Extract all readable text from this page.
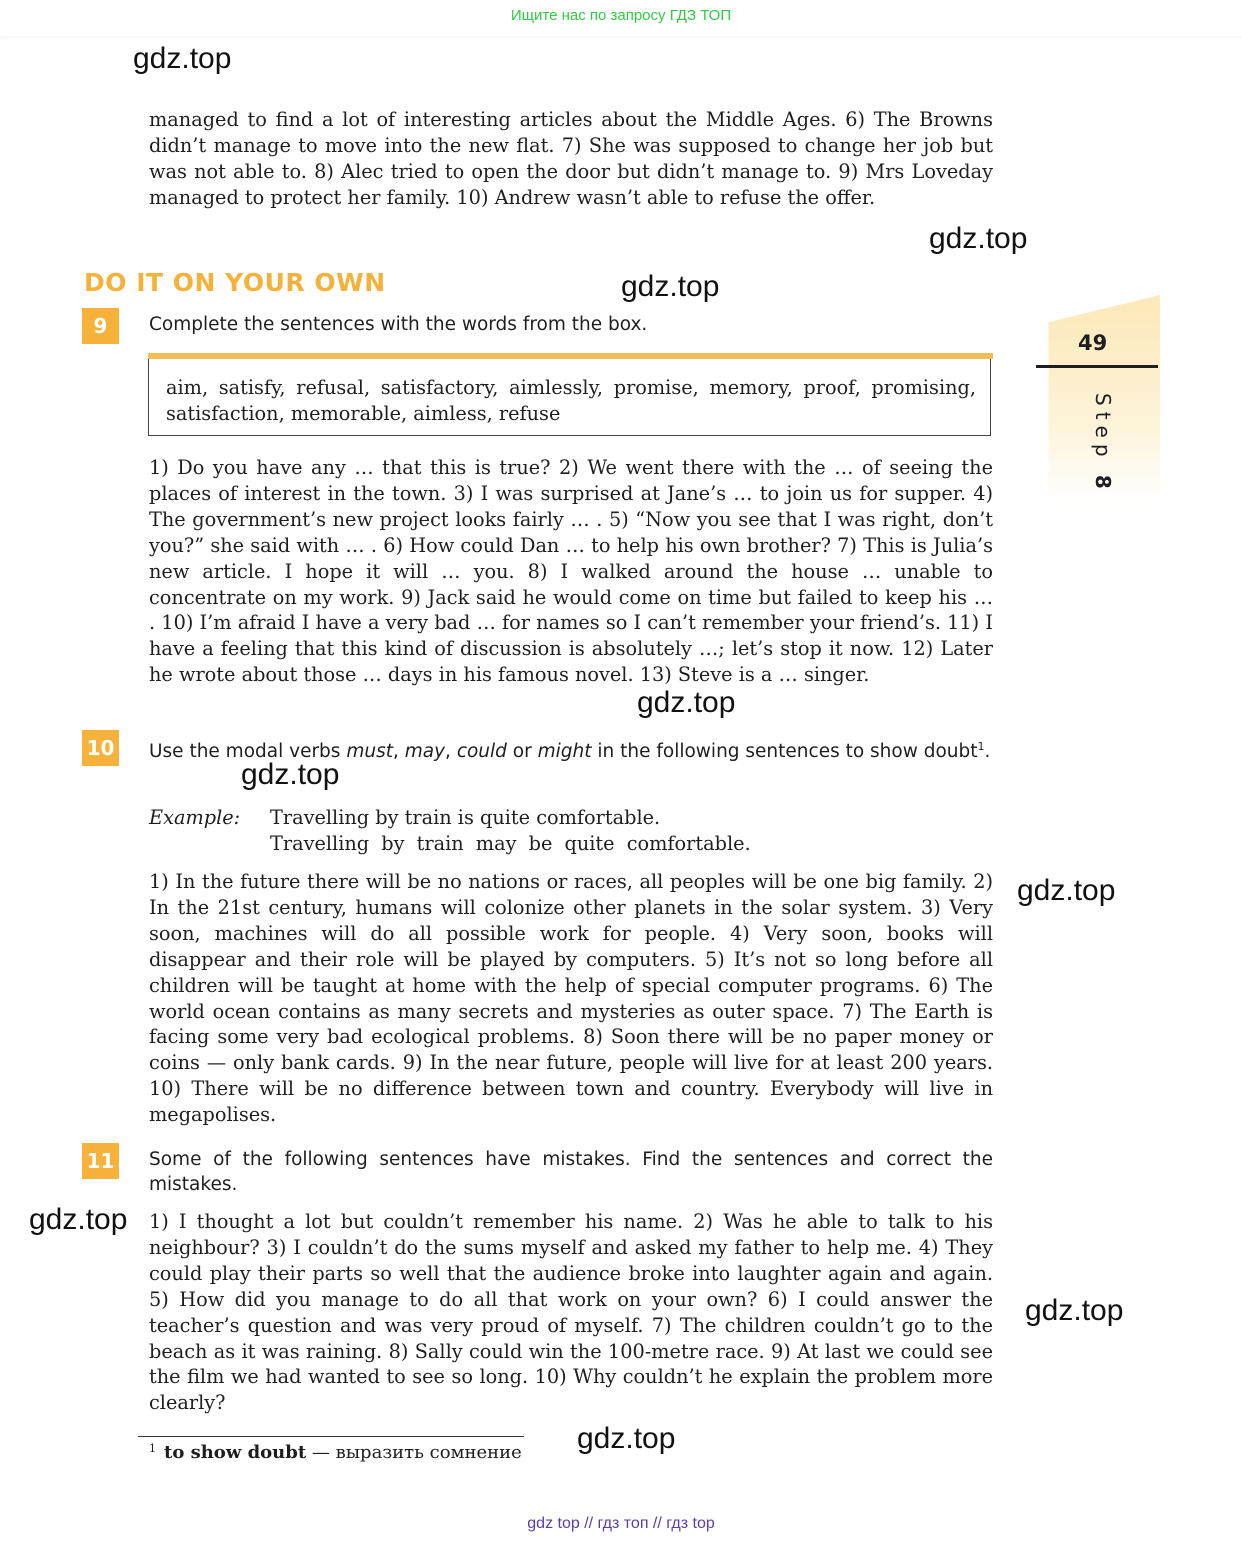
Ищите нас по запросу ГДЗ ТОП
gdz.top
gdz.top
gdz.top
gdz.top
gdz.top
gdz.top
gdz.top
gdz.top
gdz.top
managed to find a lot of interesting articles about the Middle Ages. 6) The Browns didn’t manage to move into the new flat. 7) She was supposed to change her job but was not able to. 8) Alec tried to open the door but didn’t manage to. 9) Mrs Loveday managed to protect her family. 10) Andrew wasn’t able to refuse the offer.
DO IT ON YOUR OWN
49
Step 8
9	Complete the sentences with the words from the box.
aim, satisfy, refusal, satisfactory, aimlessly, promise, memory, proof, promising, satisfaction, memorable, aimless, refuse
1) Do you have any … that this is true? 2) We went there with the … of seeing the places of interest in the town. 3) I was surprised at Jane’s … to join us for supper. 4) The government’s new project looks fairly … . 5) “Now you see that I was right, don’t you?” she said with … . 6) How could Dan … to help his own brother? 7) This is Julia’s new article. I hope it will … you. 8) I walked around the house … unable to concentrate on my work. 9) Jack said he would come on time but failed to keep his … . 10) I’m afraid I have a very bad … for names so I can’t remember your friend’s. 11) I have a feeling that this kind of discussion is absolutely …; let’s stop it now. 12) Later he wrote about those … days in his famous novel. 13) Steve is a … singer.
10 Use the modal verbs must, may, could or might in the following sentences to show doubt$^1$.
Example: Travelling by train is quite comfortable.
Travelling by train may be quite comfortable.
1) In the future there will be no nations or races, all peoples will be one big family. 2) In the 21st century, humans will colonize other planets in the solar system. 3) Very soon, machines will do all possible work for people. 4) Very soon, books will disappear and their role will be played by computers. 5) It’s not so long before all children will be taught at home with the help of special computer programs. 6) The world ocean contains as many secrets and mysteries as outer space. 7) The Earth is facing some very bad ecological problems. 8) Soon there will be no paper money or coins — only bank cards. 9) In the near future, people will live for at least 200 years. 10) There will be no difference between town and country. Everybody will live in megapolises.
11 Some of the following sentences have mistakes. Find the sentences and correct the mistakes.
1) I thought a lot but couldn’t remember his name. 2) Was he able to talk to his neighbour? 3) I couldn’t do the sums myself and asked my father to help me. 4) They could play their parts so well that the audience broke into laughter again and again. 5) How did you manage to do all that work on your own? 6) I could answer the teacher’s question and was very proud of myself. 7) The children couldn’t go to the beach as it was raining. 8) Sally could win the 100-metre race. 9) At last we could see the film we had wanted to see so long. 10) Why couldn’t he explain the problem more clearly?
$^1$ to show doubt — выразить сомнение
gdz top // гдз топ // гдз top
